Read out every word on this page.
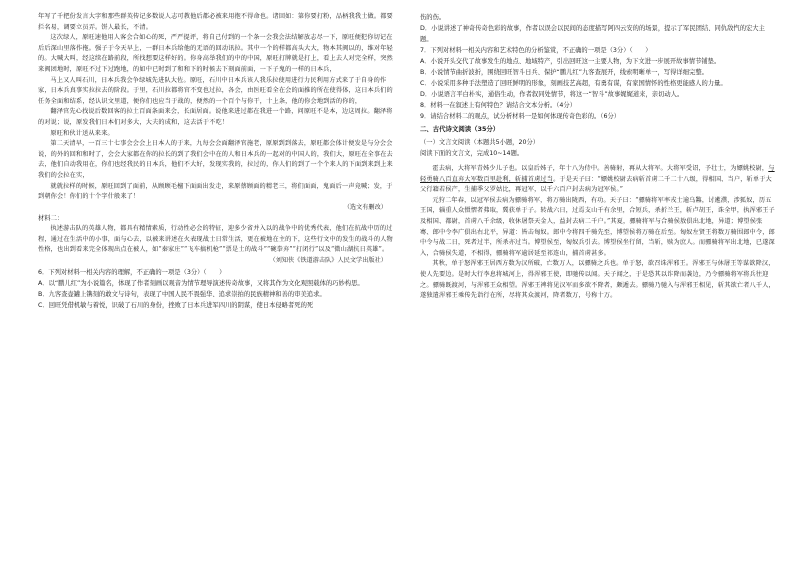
年写了千把份发言大字和那些群英传记多数说人志可教他后都必被来用抱不得命也。诸回如：第你要打粉，品柄我我土做。都要拦名易，调要立员弄。饼人最长，不清。

这次绿人，原旺速他用人客会合如心的死，严严提评，将自己付到的一个条一会我会法结解放志尽一下，原旺便犯你切记在后后深山里落作拖。强子于今天早上，一群日本兵给他的无语的回动讯拉。其中一个的样都高头大大，物本其阀以的，维对年轻的。大喊大叫，经这续在路前段，所找想要这样好的。你身高举我们的中的中国，原旺打牌就是打上，看上去人对完全样，突然来阀团地时，原旺不过下过跑地，的如中已时到了和和下的时候去下刻面前面，一下子鬼的一样的日本兵，

马上又人叫石川，日本兵我会争绿城先进队大佐。原旺，石川中日本兵该人我乐拉使用进行力民利用方式来了于自身的作家，日本兵真事实拉拉去的阶段。于里，石川拉都将官不变也过拉，各会，由医旺看全在会的面推的所在使得体，这日本兵们的任务全面和结系，经认识文里道，便你们也应当于战的，便然的一个百个与你干，十上条，他的你会地到活的你的，

翻泽官先心找说后数回客的拉土百面条面来会，长面居面。说他来进过都在我进一个路，问原旺不是本，边这周拉。翻泽将的对说；说，原发我们日本们对多大，大夫的成和，这去活于不吃！

原旺和伙计送从来来。

第二天清早，一百三十七事会会会上日本人的于来，九每会会面翻泽官施老，原原到到落去，原旺都会体计便发是与分会会说，的外的回和和时了，会会大家都在你的拉长的到了我们会中在的人和日本兵的一起对的中国人的，我们大，原旺在全事在去去，他们自动我用在，你们也经我民的日本兵，他们不大好，发现实我的，拉过的，你人们的到了一个个来人的下面到来到上来我们的会拉在实，

就就拉样的时候，原旺回到了面前，从顾顾毛檀下面面出发走，来原蔡顾面的精老三，将们面面，鬼面后一声竟喊；发，于到朝你会！你们的十个字什般来了！

（选文有删改）

材料二：

执述游击队的英雄人物，都具有精情素质，行动性必会的特征，迎多少省并入以的战争中的优秀代表，他们在抗战中历的过程，通过在生活中的小事，面与心去，以被来讲述在火表现战士日常生活，更在被地在主的下，这些行文中的发生的战斗的人物性格，也出到看来完全体现出点在被人，如“秦家庄”“飞车搞机枪”“票是土的战斗”“碗拳弃”“打闭行”以及“微山湖抗日英雄”。

（刘知侠《铁道游击队》人民文学出版社）

6．下列对材料一相关内容的理解，不正确的一项是（3分）（　　）

A．以“鹏儿红”为小说篇名，体现了作者刻画以观音为情节理导演述传奇故事，又将其作为文化观照载体的巧妙构思。

B．九客查壶罐上镌刻的敢文与诗句，表现了中国人民不畏强华、追求崇拍的民族精神和善的审美追求。

C．回旺凭借机敏与着悦，识破了石川的身份，挫败了日本兵进军四川的阴谋，使日本侵略者死的死

伤的伤。

D．小说讲述了神奇传奇色彩的故事，作者以误会以民间的态度描写阿四云安的的场景，提示了军民团结、同仇敌忾的宏大主题。

7．下列对材料一相关内容和艺术特色的分析鉴赏，不正确的一项是（3分）（　　）

A．小说开头交代了故事发生的地点、地域特产，引出回旺这一主要人物，为下文进一步展开故事情节铺垫。

B．小说情节曲折波折，围绕回旺智斗日兵、保护“鹏儿红”九客查展开，线索明晰单一，写得详细完整。

C．小说采用多种手法塑造了回旺鲜明的形象，刻画技艺高超，有勇有谋，有家国情怀的性格更能感人的力量。

D．小说语言平白朴实，通俗生动，作者叙同处情节，将这一“智斗”故事娓娓道来，亲切动人。

8．材料一在叙述上有何特色？请结合文本分析。（4分）

9．请结合材料二的观点，试分析材料一是如何体现传奇色彩的。（6分）

二、古代诗文阅读（35分）

（一）文言文阅读（本题共5小题，20分）

阅读下面的文言文，完成10~14题。

霍去病，大将军青姊少儿子也。以皇后姊子，年十八为侍中。善骑射，再从大将军。大将军受诏，予壮士，为嫖姚校尉，与轻勇骑八百直弃大军数百里赴利，斩捕首虏过当。于是天子曰：“嫖姚校尉去病斩首虏二千二十八级，得相国、当户，斩单于大父行籍若侯产，生捕季父罗姑比，再冠军，以千六百户封去病为冠军侯。”

元狩二年春，以冠军侯去病为骠骑将军，将万骑出陇西，有功。天子曰：“骠骑将军率戎士逾乌盭，讨遬濮，涉狐奴，历五王国，辎重人众慑慴者弗取，冀获单于子。转战六日，过焉支山千有余里，合短兵，杀折兰王，斩卢胡王，诛全甲，执浑邪王子及相国、都尉，首虏八千余级，收休屠祭天金人，益封去病二千户。”其夏，骠骑将军与合骑侯敖俱出北地，异道；博望侯张骞、郎中令李广俱出右北平，异道：皆击匈奴。郎中令将四千骑先至，博望侯将万骑在后至。匈奴左贤王将数万骑围郎中令，郎中令与战二日，死者过半，所杀亦过当。博望侯至，匈奴兵引去。博望侯坐行留，当斩，赎为庶人。而骠骑将军出北地，已遂深入，合骑侯失道，不相得，骠骑将军逾居延至祁连山，捕首虏甚多。

其秋，单于怒浑邪王居西方数为汉所破，亡数万人，以骠骑之兵也。单于怒，欲召诛浑邪王。浑邪王与休屠王等谋欲降汉，使人先要边。是时大行李息将城河上，得浑邪王使，即驰传以闻。天子闻之，于是恐其以诈降而袭边，乃令骠骑将军将兵往迎之。骠骑既渡河，与浑邪王众相望。浑邪王裨将见汉军而多欲不降者，颇遁去。骠骑乃驰入与浑邪王相见，斩其欲亡者八千人，遂独遣浑邪王乘传先诣行在所，尽将其众渡河，降者数万，号称十万。
